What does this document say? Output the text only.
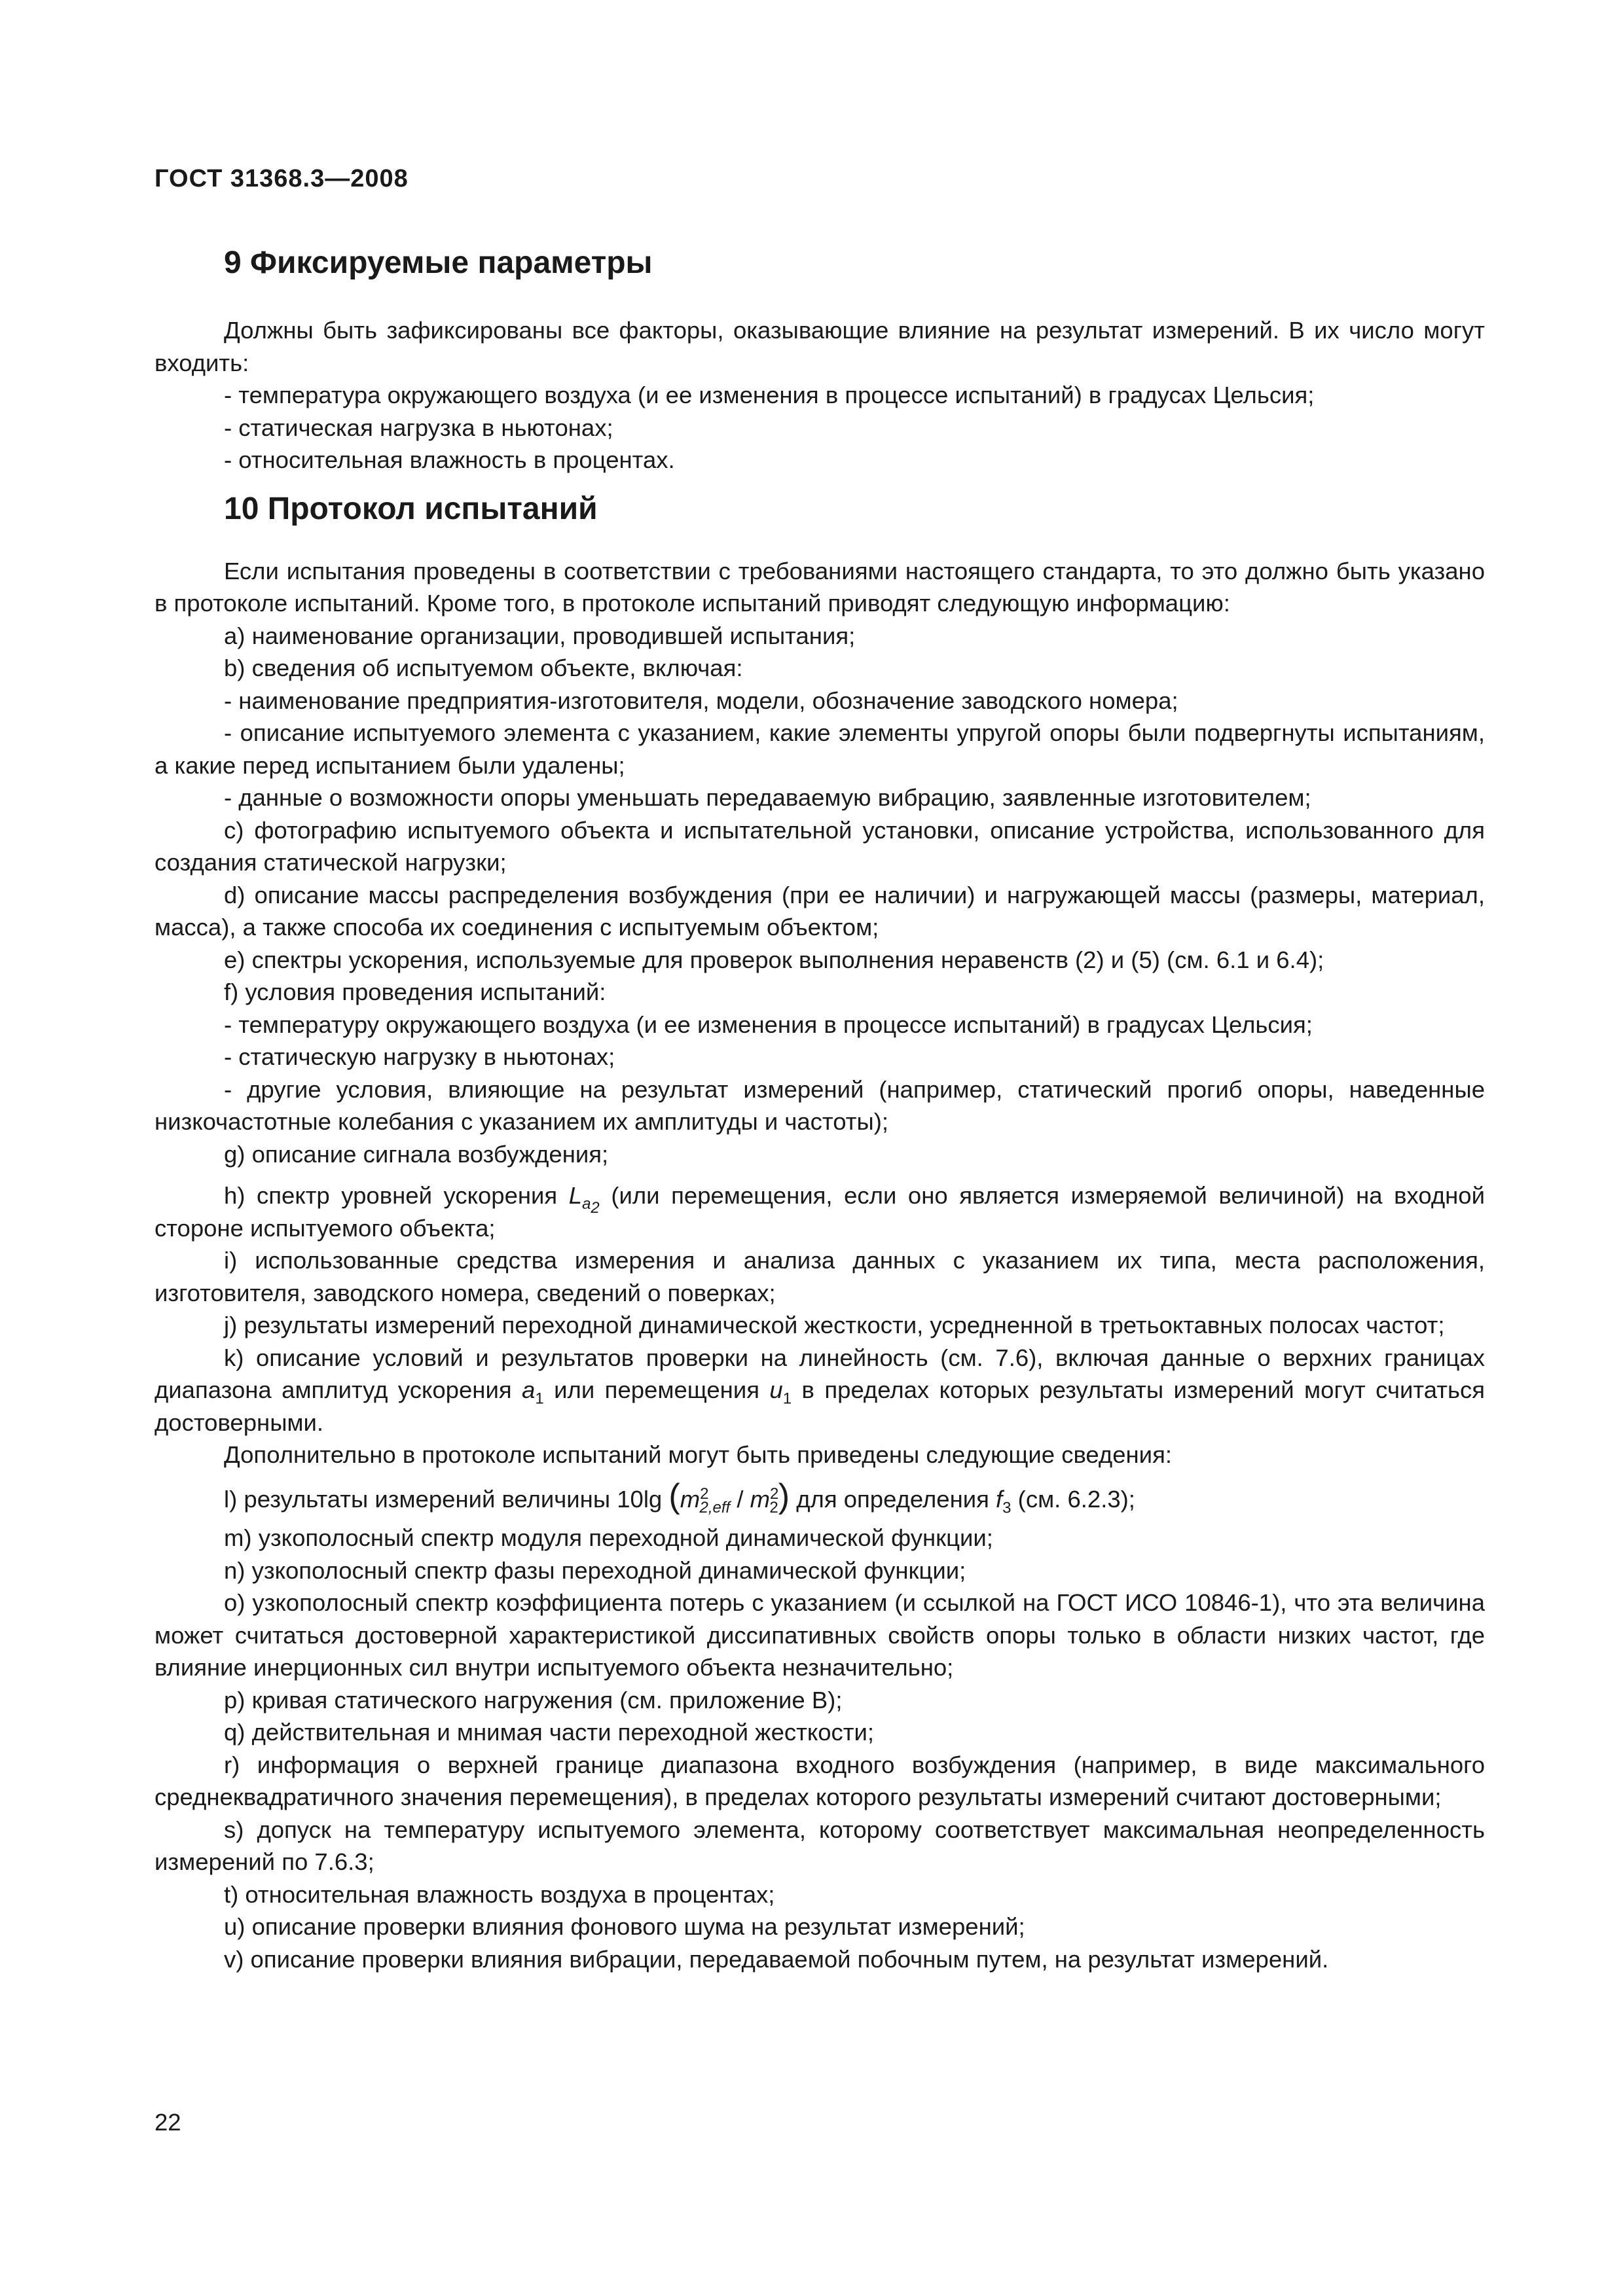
ГОСТ 31368.3—2008
9 Фиксируемые параметры

Должны быть зафиксированы все факторы, оказывающие влияние на результат измерений. В их число могут входить:

- температура окружающего воздуха (и ее изменения в процессе испытаний) в градусах Цельсия;

- статическая нагрузка в ньютонах;

- относительная влажность в процентах.

10 Протокол испытаний

Если испытания проведены в соответствии с требованиями настоящего стандарта, то это должно быть указано в протоколе испытаний. Кроме того, в протоколе испытаний приводят следующую информацию:

a) наименование организации, проводившей испытания;

b) сведения об испытуемом объекте, включая:

- наименование предприятия-изготовителя, модели, обозначение заводского номера;

- описание испытуемого элемента с указанием, какие элементы упругой опоры были подвергнуты испытаниям, а какие перед испытанием были удалены;

- данные о возможности опоры уменьшать передаваемую вибрацию, заявленные изготовителем;

c) фотографию испытуемого объекта и испытательной установки, описание устройства, использованного для создания статической нагрузки;

d) описание массы распределения возбуждения (при ее наличии) и нагружающей массы (размеры, материал, масса), а также способа их соединения с испытуемым объектом;

e) спектры ускорения, используемые для проверок выполнения неравенств (2) и (5) (см. 6.1 и 6.4);

f) условия проведения испытаний:

- температуру окружающего воздуха (и ее изменения в процессе испытаний) в градусах Цельсия;

- статическую нагрузку в ньютонах;

- другие условия, влияющие на результат измерений (например, статический прогиб опоры, наведенные низкочастотные колебания с указанием их амплитуды и частоты);

g) описание сигнала возбуждения;

h) спектр уровней ускорения $L_{a_2}$ (или перемещения, если оно является измеряемой величиной) на входной стороне испытуемого объекта;

i) использованные средства измерения и анализа данных с указанием их типа, места расположения, изготовителя, заводского номера, сведений о поверках;

j) результаты измерений переходной динамической жесткости, усредненной в третьоктавных полосах частот;

k) описание условий и результатов проверки на линейность (см. 7.6), включая данные о верхних границах диапазона амплитуд ускорения $a_1$ или перемещения $u_1$ в пределах которых результаты измерений могут считаться достоверными.

Дополнительно в протоколе испытаний могут быть приведены следующие сведения:

l) результаты измерений величины 10lg $(m^2_{2,eff} / m^2_2)$ для определения $f_3$ (см. 6.2.3);

m) узкополосный спектр модуля переходной динамической функции;

n) узкополосный спектр фазы переходной динамической функции;

o) узкополосный спектр коэффициента потерь с указанием (и ссылкой на ГОСТ ИСО 10846-1), что эта величина может считаться достоверной характеристикой диссипативных свойств опоры только в области низких частот, где влияние инерционных сил внутри испытуемого объекта незначительно;

p) кривая статического нагружения (см. приложение В);

q) действительная и мнимая части переходной жесткости;

r) информация о верхней границе диапазона входного возбуждения (например, в виде максимального среднеквадратичного значения перемещения), в пределах которого результаты измерений считают достоверными;

s) допуск на температуру испытуемого элемента, которому соответствует максимальная неопределенность измерений по 7.6.3;

t) относительная влажность воздуха в процентах;

u) описание проверки влияния фонового шума на результат измерений;

v) описание проверки влияния вибрации, передаваемой побочным путем, на результат измерений.

22
